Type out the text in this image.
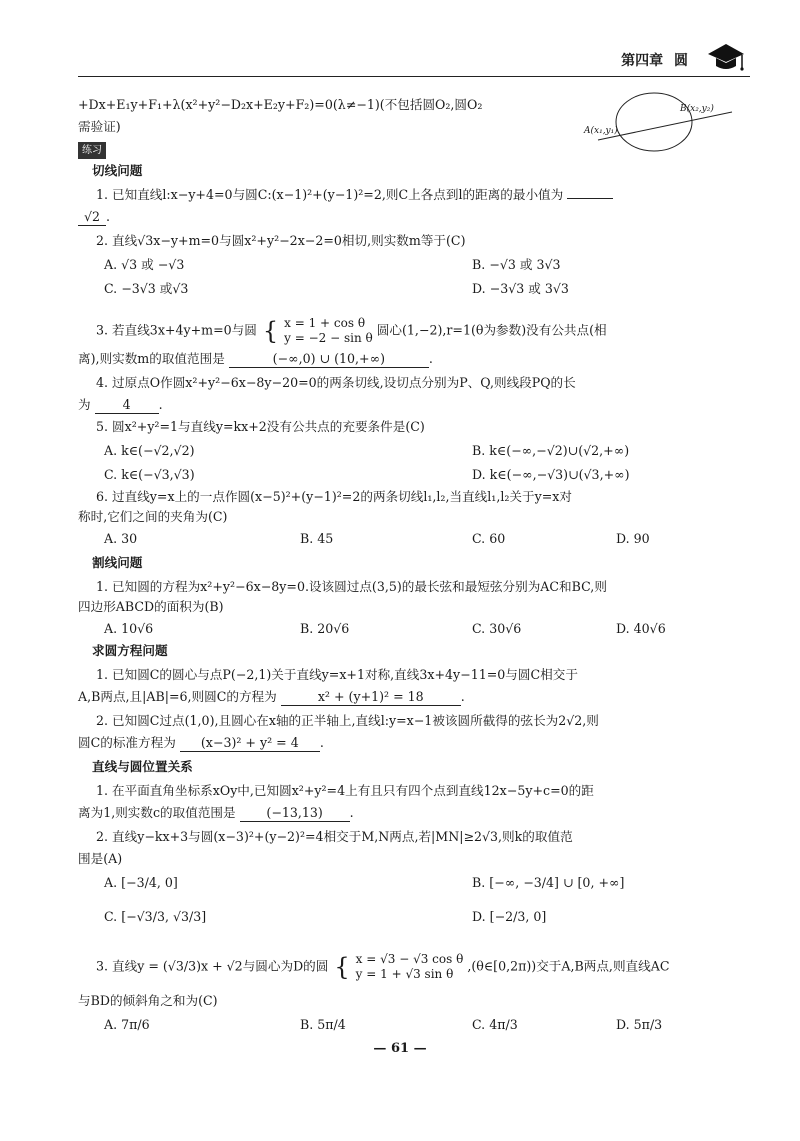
第四章 圆
+Dx+E₁y+F₁+λ(x²+y²−D₂x+E₂y+F₂)=0(λ≠−1)(不包括圆O₂,圆O₂
需验证)
练习
B(x₂,y₂)
A(x₁,y₁)
切线问题
1. 已知直线l:x−y+4=0与圆C:(x−1)²+(y−1)²=2,则C上各点到l的距离的最小值为
√2 .
2. 直线√3x−y+m=0与圆x²+y²−2x−2=0相切,则实数m等于(C)
A. √3 或 −√3	B. −√3 或 3√3
C. −3√3 或√3	D. −3√3 或 3√3
3. 若直线3x+4y+m=0与圆 { x = 1 + cos θ
y = −2 − sin θ 圆心(1,−2),r=1(θ为参数)没有公共点(相
离),则实数m的取值范围是	(−∞,0) ∪ (10,+∞)	.
4. 过原点O作圆x²+y²−6x−8y−20=0的两条切线,设切点分别为P、Q,则线段PQ的长
为	4 .
5. 圆x²+y²=1与直线y=kx+2没有公共点的充要条件是(C)
A. k∈(−√2,√2)	B. k∈(−∞,−√2)∪(√2,+∞)
C. k∈(−√3,√3)	D. k∈(−∞,−√3)∪(√3,+∞)
6. 过直线y=x上的一点作圆(x−5)²+(y−1)²=2的两条切线l₁,l₂,当直线l₁,l₂关于y=x对
称时,它们之间的夹角为(C)
A. 30	B. 45	C. 60	D. 90
割线问题
1. 已知圆的方程为x²+y²−6x−8y=0.设该圆过点(3,5)的最长弦和最短弦分别为AC和BC,则
四边形ABCD的面积为(B)
A. 10√6	B. 20√6	C. 30√6	D. 40√6
求圆方程问题
1. 已知圆C的圆心与点P(−2,1)关于直线y=x+1对称,直线3x+4y−11=0与圆C相交于
A,B两点,且|AB|=6,则圆C的方程为	x² + (y+1)² = 18	.
2. 已知圆C过点(1,0),且圆心在x轴的正半轴上,直线l:y=x−1被该圆所截得的弦长为2√2,则
圆C的标准方程为 (x−3)² + y² = 4 .
直线与圆位置关系
1. 在平面直角坐标系xOy中,已知圆x²+y²=4上有且只有四个点到直线12x−5y+c=0的距
离为1,则实数c的取值范围是 (−13,13) .
2. 直线y−kx+3与圆(x−3)²+(y−2)²=4相交于M,N两点,若|MN|≥2√3,则k的取值范
围是(A)
A. [−3/4, 0]	B. [−∞, −3/4] ∪ [0, +∞]
C. [−√3/3, √3/3]	D. [−2/3, 0]
3. 直线y = (√3/3)x + √2与圆心为D的圆 { x = √3 − √3 cos θ
y = 1 + √3 sin θ ,(θ∈[0,2π))交于A,B两点,则直线AC
与BD的倾斜角之和为(C)
A. 7π/6	B. 5π/4	C. 4π/3	D. 5π/3
— 61 —
